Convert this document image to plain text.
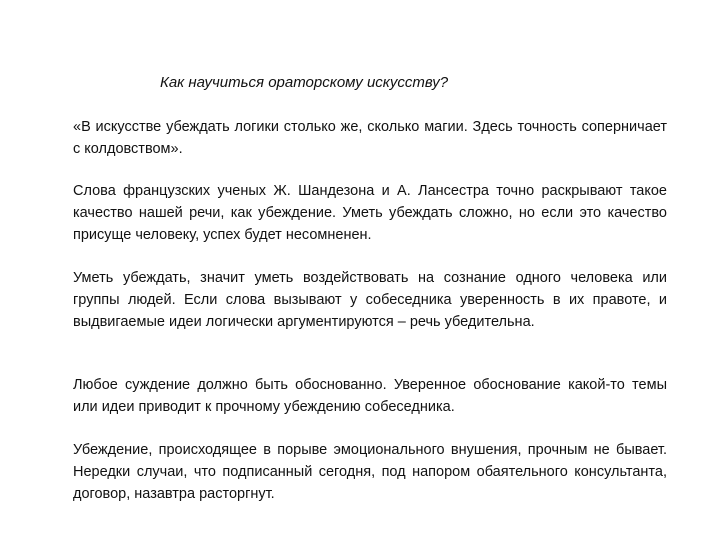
Как научиться ораторскому искусству?
«В искусстве убеждать логики столько же, сколько магии. Здесь точность соперничает с колдовством».
Слова французских ученых Ж. Шандезона и А. Лансестра точно раскрывают такое качество нашей речи, как убеждение. Уметь убеждать сложно, но если это качество присуще человеку, успех будет несомненен.
Уметь убеждать, значит уметь воздействовать на сознание одного человека или группы людей. Если слова вызывают у собеседника уверенность в их правоте, и выдвигаемые идеи логически аргументируются – речь убедительна.
Любое суждение должно быть обоснованно. Уверенное обоснование какой-то темы или идеи приводит к прочному убеждению собеседника.
Убеждение, происходящее в порыве эмоционального внушения, прочным не бывает. Нередки случаи, что подписанный сегодня, под напором обаятельного консультанта, договор, назавтра расторгнут.
